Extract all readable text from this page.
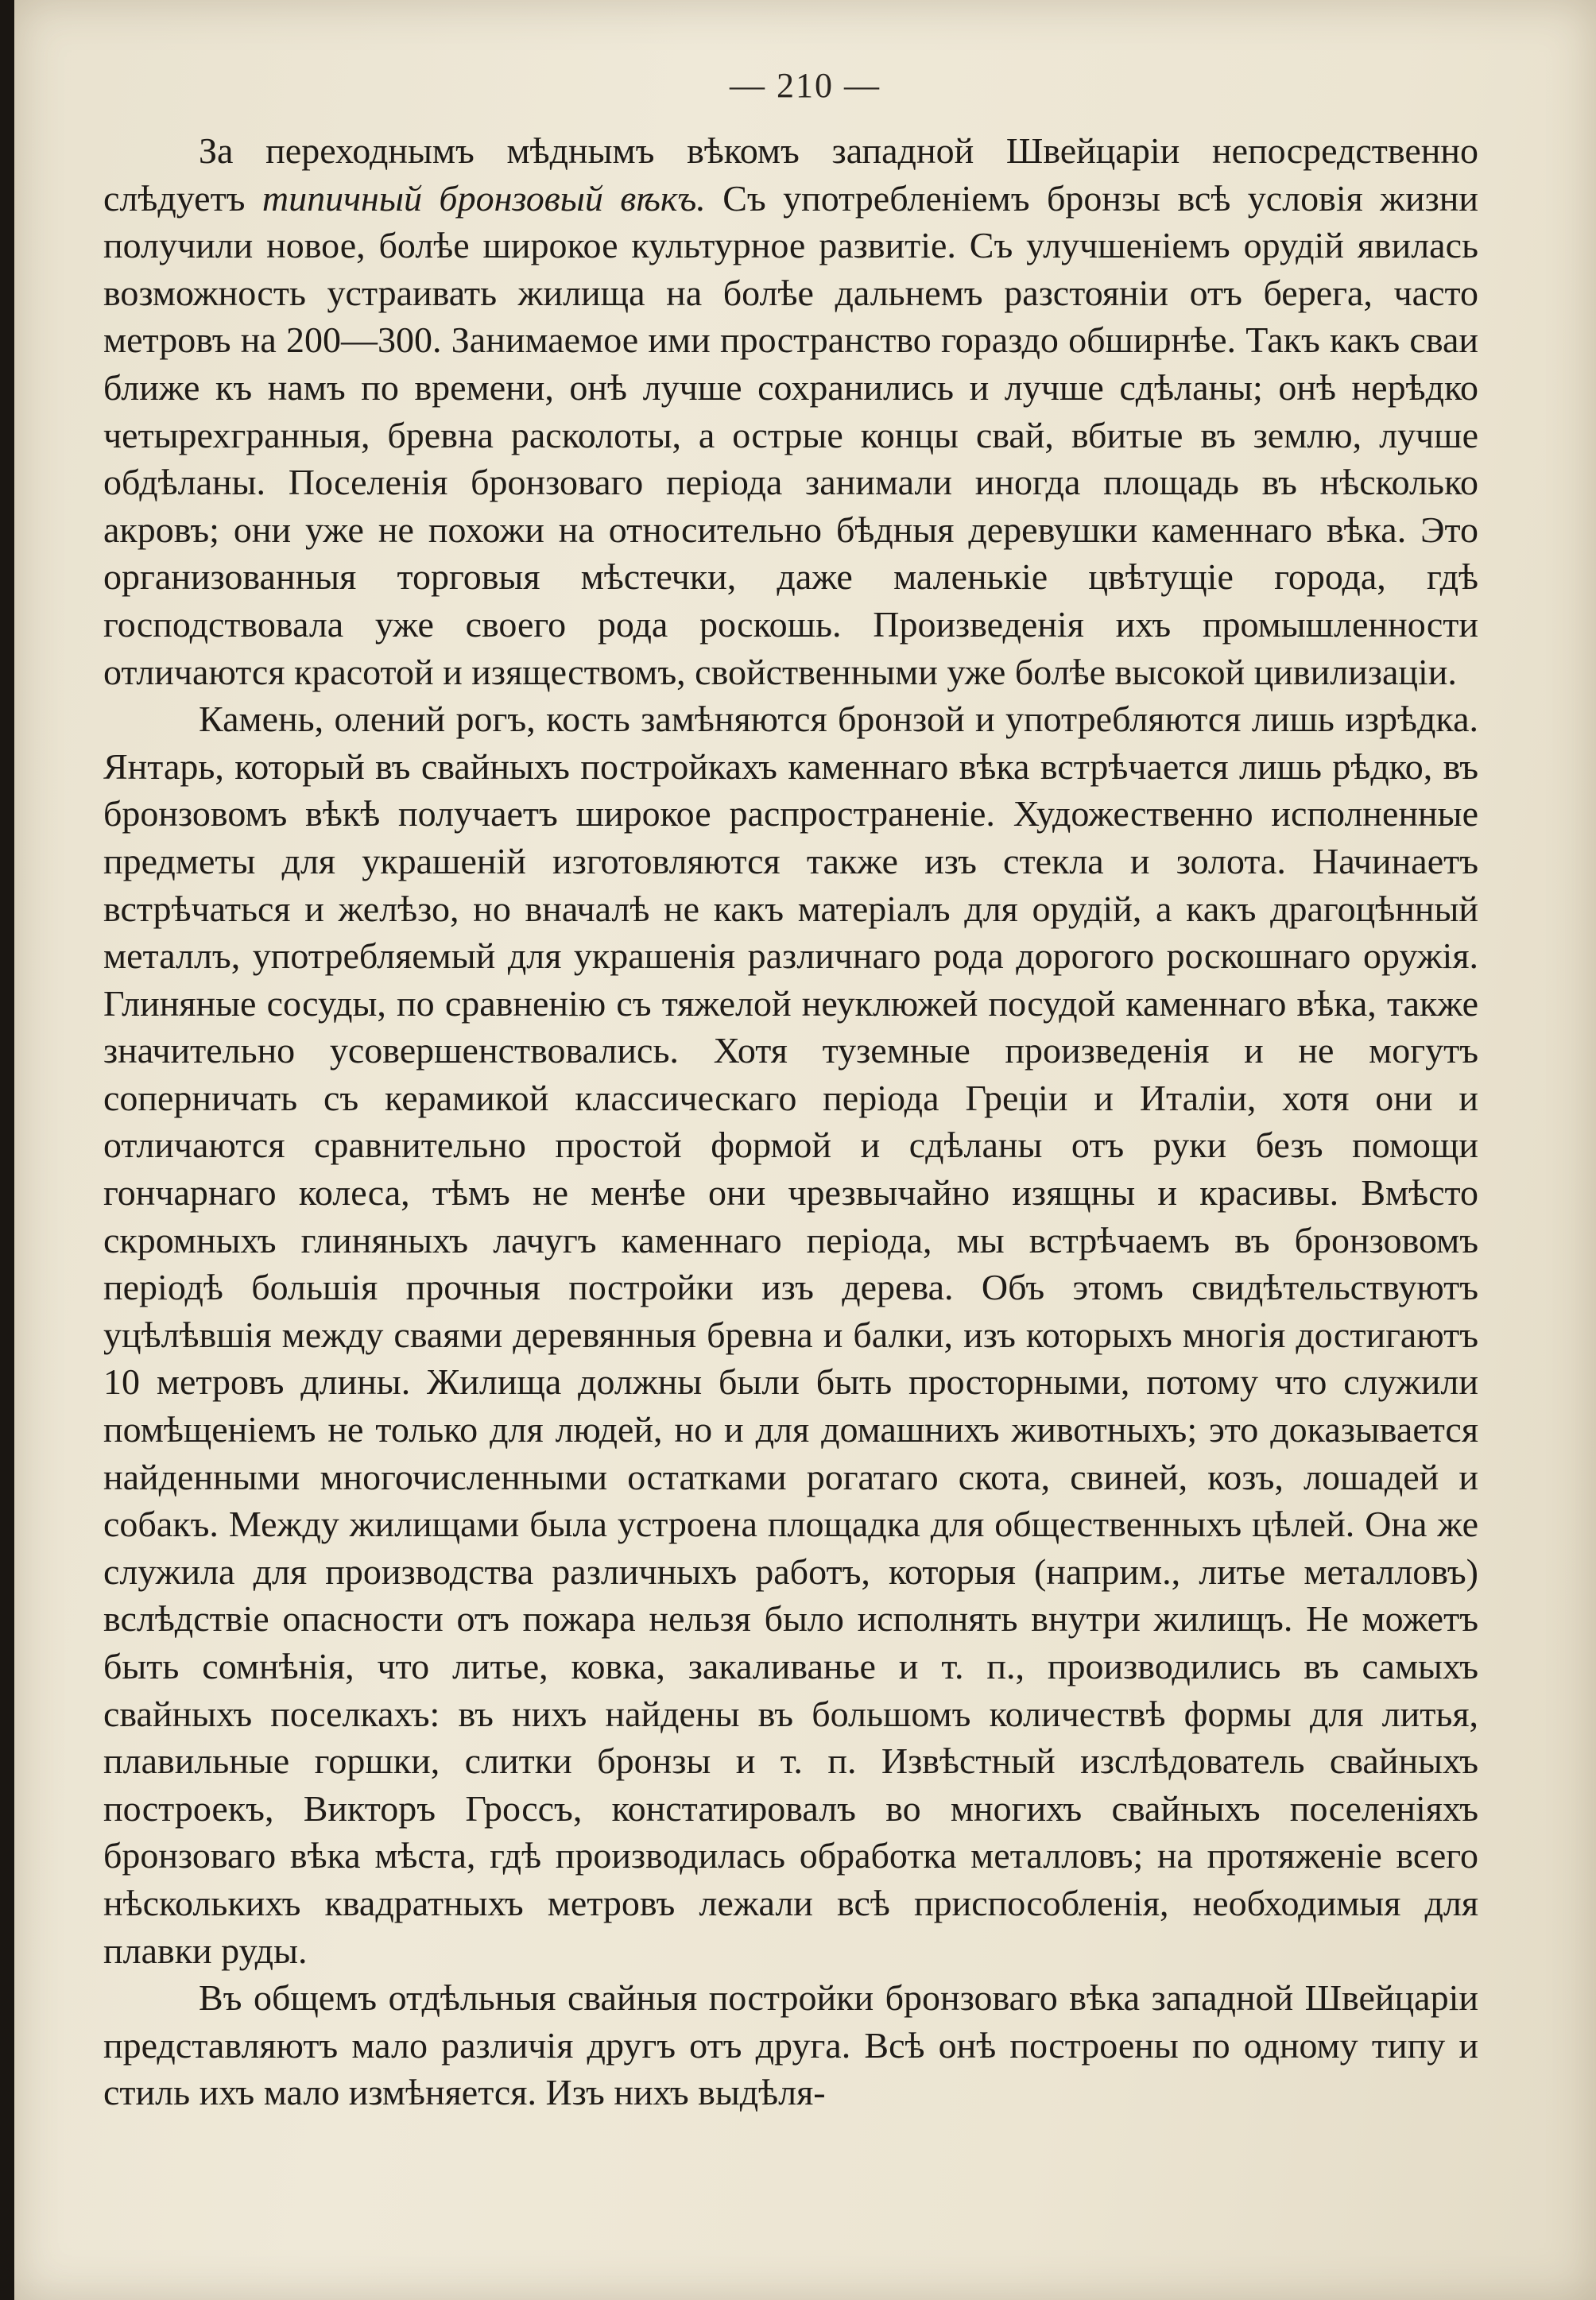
— 210 —

За переходнымъ мѣднымъ вѣкомъ западной Швейцаріи непосредственно слѣдуетъ типичный бронзовый вѣкъ. Съ употребленіемъ бронзы всѣ условія жизни получили новое, болѣе широкое культурное развитіе. Съ улучшеніемъ орудій явилась возможность устраивать жилища на болѣе дальнемъ разстояніи отъ берега, часто метровъ на 200—300. Занимаемое ими пространство гораздо обширнѣе. Такъ какъ сваи ближе къ намъ по времени, онѣ лучше сохранились и лучше сдѣланы; онѣ нерѣдко четырехгранныя, бревна расколоты, а острые концы свай, вбитые въ землю, лучше обдѣланы. Поселенія бронзоваго періода занимали иногда площадь въ нѣсколько акровъ; они уже не похожи на относительно бѣдныя деревушки каменнаго вѣка. Это организованныя торговыя мѣстечки, даже маленькіе цвѣтущіе города, гдѣ господствовала уже своего рода роскошь. Произведенія ихъ промышленности отличаются красотой и изяществомъ, свойственными уже болѣе высокой цивилизаціи.

Камень, олений рогъ, кость замѣняются бронзой и употребляются лишь изрѣдка. Янтарь, который въ свайныхъ постройкахъ каменнаго вѣка встрѣчается лишь рѣдко, въ бронзовомъ вѣкѣ получаетъ широкое распространеніе. Художественно исполненные предметы для украшеній изготовляются также изъ стекла и золота. Начинаетъ встрѣчаться и желѣзо, но вначалѣ не какъ матеріалъ для орудій, а какъ драгоцѣнный металлъ, употребляемый для украшенія различнаго рода дорогого роскошнаго оружія. Глиняные сосуды, по сравненію съ тяжелой неуклюжей посудой каменнаго вѣка, также значительно усовершенствовались. Хотя туземные произведенія и не могутъ соперничать съ керамикой классическаго періода Греціи и Италіи, хотя они и отличаются сравнительно простой формой и сдѣланы отъ руки безъ помощи гончарнаго колеса, тѣмъ не менѣе они чрезвычайно изящны и красивы. Вмѣсто скромныхъ глиняныхъ лачугъ каменнаго періода, мы встрѣчаемъ въ бронзовомъ періодѣ большія прочныя постройки изъ дерева. Объ этомъ свидѣтельствуютъ уцѣлѣвшія между сваями деревянныя бревна и балки, изъ которыхъ многія достигаютъ 10 метровъ длины. Жилища должны были быть просторными, потому что служили помѣщеніемъ не только для людей, но и для домашнихъ животныхъ; это доказывается найденными многочисленными остатками рогатаго скота, свиней, козъ, лошадей и собакъ. Между жилищами была устроена площадка для общественныхъ цѣлей. Она же служила для производства различныхъ работъ, которыя (наприм., литье металловъ) вслѣдствіе опасности отъ пожара нельзя было исполнять внутри жилищъ. Не можетъ быть сомнѣнія, что литье, ковка, закаливанье и т. п., производились въ самыхъ свайныхъ поселкахъ: въ нихъ найдены въ большомъ количествѣ формы для литья, плавильные горшки, слитки бронзы и т. п. Извѣстный изслѣдователь свайныхъ построекъ, Викторъ Гроссъ, констатировалъ во многихъ свайныхъ поселеніяхъ бронзоваго вѣка мѣста, гдѣ производилась обработка металловъ; на протяженіе всего нѣсколькихъ квадратныхъ метровъ лежали всѣ приспособленія, необходимыя для плавки руды.

Въ общемъ отдѣльныя свайныя постройки бронзоваго вѣка западной Швейцаріи представляютъ мало различія другъ отъ друга. Всѣ онѣ построены по одному типу и стиль ихъ мало измѣняется. Изъ нихъ выдѣля-
